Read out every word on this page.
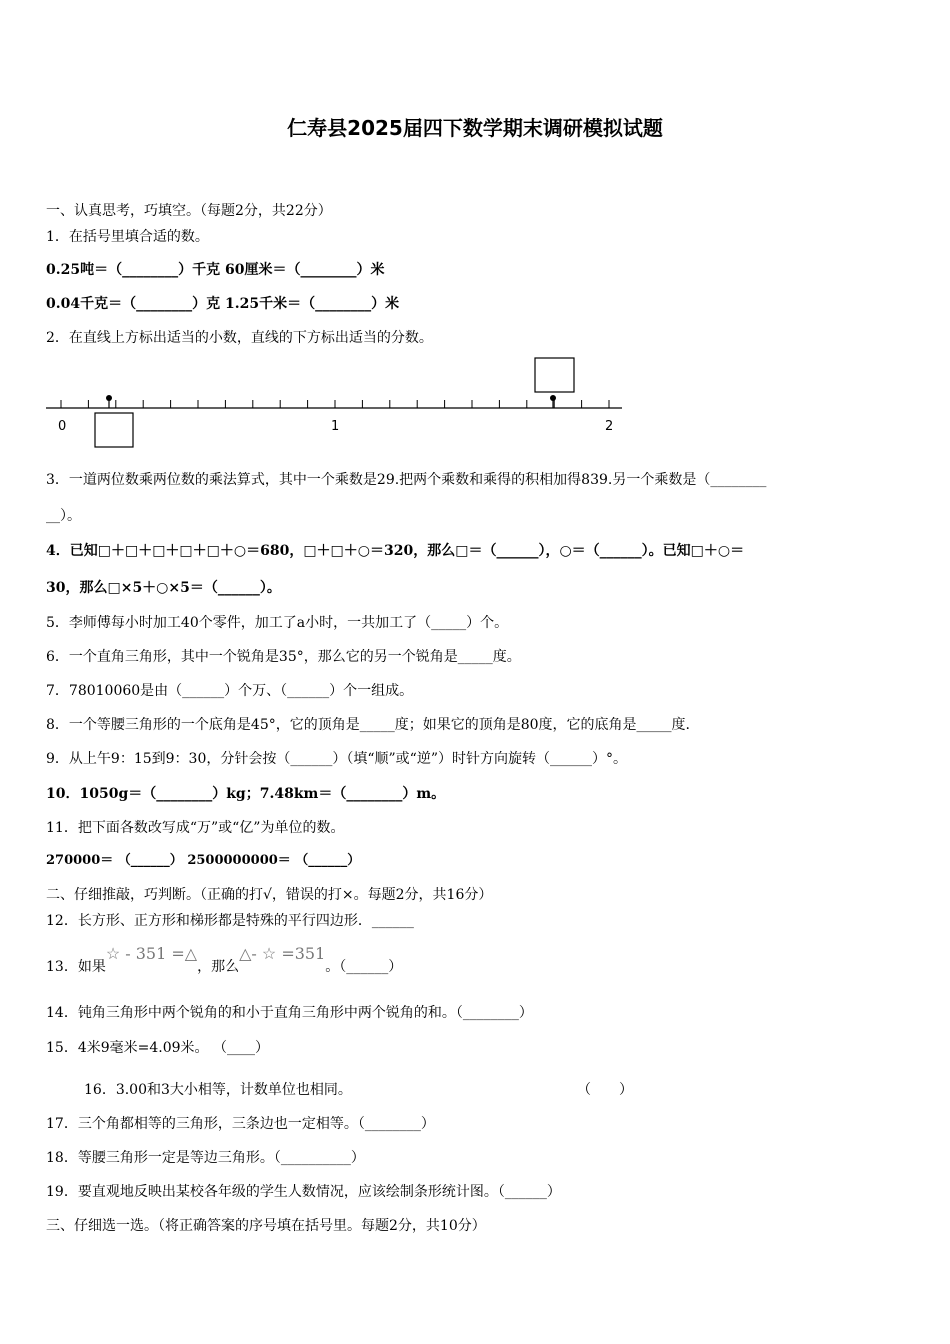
仁寿县2025届四下数学期末调研模拟试题
一、认真思考，巧填空。（每题2分，共22分）
1．在括号里填合适的数。
0.25吨＝（________）千克 60厘米＝（________）米
0.04千克＝（________）克 1.25千米＝（________）米
2．在直线上方标出适当的小数，直线的下方标出适当的分数。
0	1	2
3．一道两位数乘两位数的乘法算式，其中一个乘数是29.把两个乘数和乘得的积相加得839.另一个乘数是（________
__）。
4．已知□＋□＋□＋□＋□＋○＝680，□＋□＋○＝320，那么□＝（______），○＝（______）。已知□＋○＝
30，那么□×5＋○×5＝（______）。
5．李师傅每小时加工40个零件，加工了a小时，一共加工了（_____）个。
6．一个直角三角形，其中一个锐角是35°，那么它的另一个锐角是_____度。
7．78010060是由（______）个万、（______）个一组成。
8．一个等腰三角形的一个底角是45°，它的顶角是_____度；如果它的顶角是80度，它的底角是_____度.
9．从上午9：15到9：30，分针会按（______）（填“顺”或“逆”）时针方向旋转（______）°。
10．1050g＝（________）kg；7.48km＝（________）m。
11．把下面各数改写成“万”或“亿”为单位的数。
270000＝ （______） 2500000000＝ （______）
二、仔细推敲，巧判断。（正确的打√，错误的打×。每题2分，共16分）
12．长方形、正方形和梯形都是特殊的平行四边形．______
13．如果☆ - 351 =△，那么△- ☆ =351。（______）
14．钝角三角形中两个锐角的和小于直角三角形中两个锐角的和。（________）
15．4米9毫米=4.09米。 （____）
16．3.00和3大小相等，计数单位也相同。	（　　）
17．三个角都相等的三角形，三条边也一定相等。（________）
18．等腰三角形一定是等边三角形。（__________）
19．要直观地反映出某校各年级的学生人数情况，应该绘制条形统计图。（______）
三、仔细选一选。（将正确答案的序号填在括号里。每题2分，共10分）
